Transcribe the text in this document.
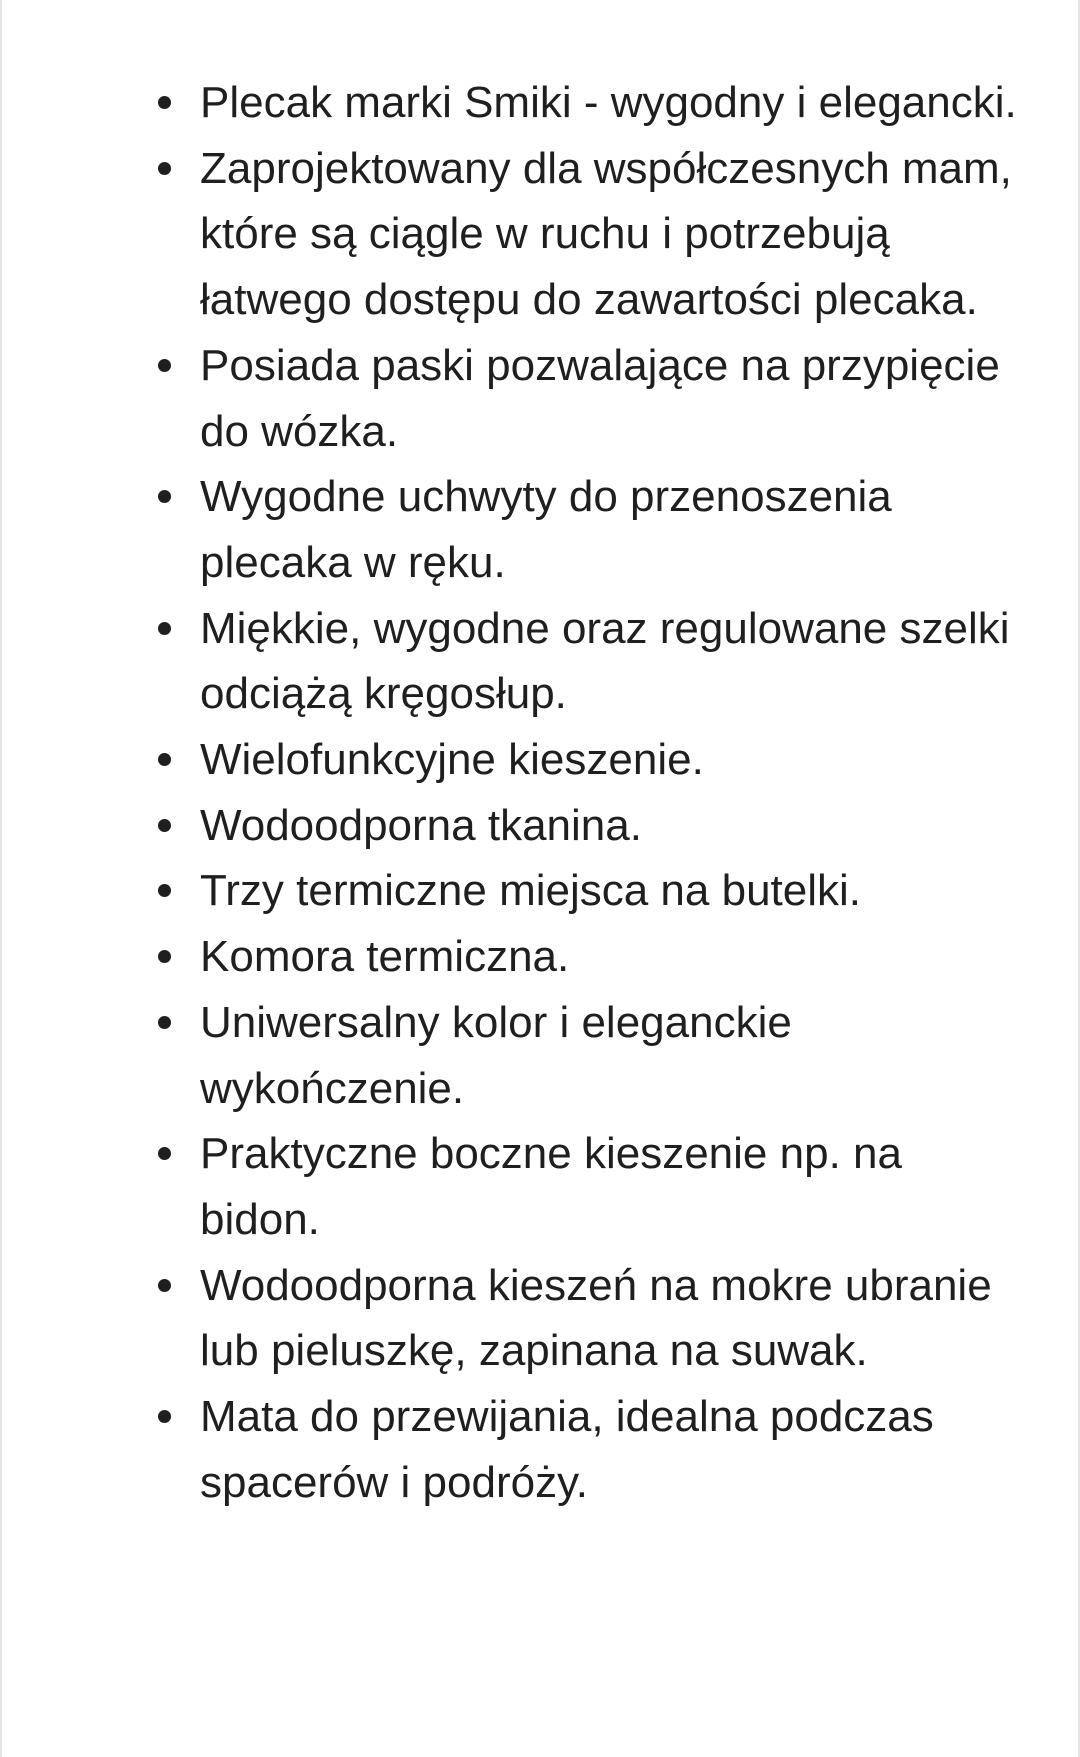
Plecak marki Smiki - wygodny i elegancki.
Zaprojektowany dla współczesnych mam, które są ciągle w ruchu i potrzebują łatwego dostępu do zawartości plecaka.
Posiada paski pozwalające na przypięcie do wózka.
Wygodne uchwyty do przenoszenia plecaka w ręku.
Miękkie, wygodne oraz regulowane szelki odciążą kręgosłup.
Wielofunkcyjne kieszenie.
Wodoodporna tkanina.
Trzy termiczne miejsca na butelki.
Komora termiczna.
Uniwersalny kolor i eleganckie wykończenie.
Praktyczne boczne kieszenie np. na bidon.
Wodoodporna kieszeń na mokre ubranie lub pieluszkę, zapinana na suwak.
Mata do przewijania, idealna podczas spacerów i podróży.
